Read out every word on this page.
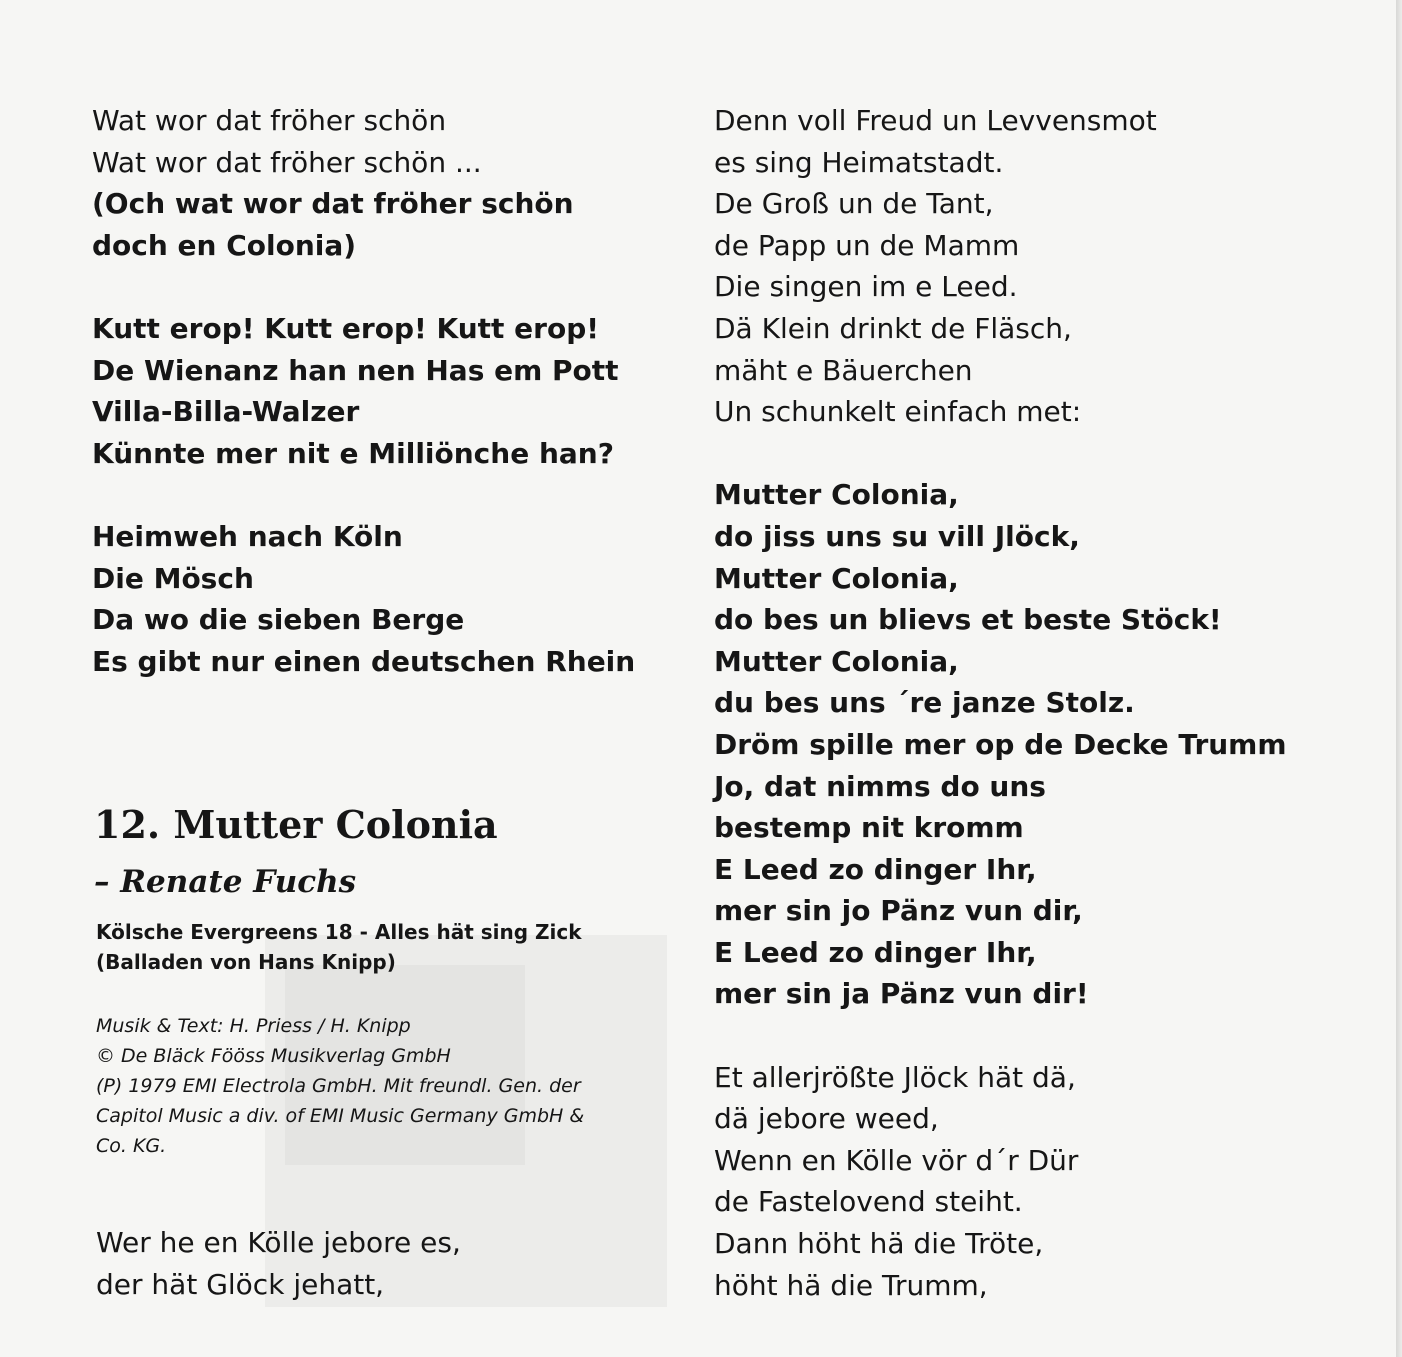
Wat wor dat fröher schön
Wat wor dat fröher schön ...
(Och wat wor dat fröher schön
doch en Colonia)
Kutt erop! Kutt erop! Kutt erop!
De Wienanz han nen Has em Pott
Villa-Billa-Walzer
Künnte mer nit e Milliönche han?
Heimweh nach Köln
Die Mösch
Da wo die sieben Berge
Es gibt nur einen deutschen Rhein
12. Mutter Colonia
– Renate Fuchs
Kölsche Evergreens 18 - Alles hät sing Zick
(Balladen von Hans Knipp)
Musik & Text: H. Priess / H. Knipp
© De Bläck Fööss Musikverlag GmbH
(P) 1979 EMI Electrola GmbH. Mit freundl. Gen. der
Capitol Music a div. of EMI Music Germany GmbH &
Co. KG.
Wer he en Kölle jebore es,
der hät Glöck jehatt,
Denn voll Freud un Levvensmot
es sing Heimatstadt.
De Groß un de Tant,
de Papp un de Mamm
Die singen im e Leed.
Dä Klein drinkt de Fläsch,
mäht e Bäuerchen
Un schunkelt einfach met:
Mutter Colonia,
do jiss uns su vill Jlöck,
Mutter Colonia,
do bes un blievs et beste Stöck!
Mutter Colonia,
du bes uns ´re janze Stolz.
Dröm spille mer op de Decke Trumm
Jo, dat nimms do uns
bestemp nit kromm
E Leed zo dinger Ihr,
mer sin jo Pänz vun dir,
E Leed zo dinger Ihr,
mer sin ja Pänz vun dir!
Et allerjrößte Jlöck hät dä,
dä jebore weed,
Wenn en Kölle vör d´r Dür
de Fastelovend steiht.
Dann höht hä die Tröte,
höht hä die Trumm,
